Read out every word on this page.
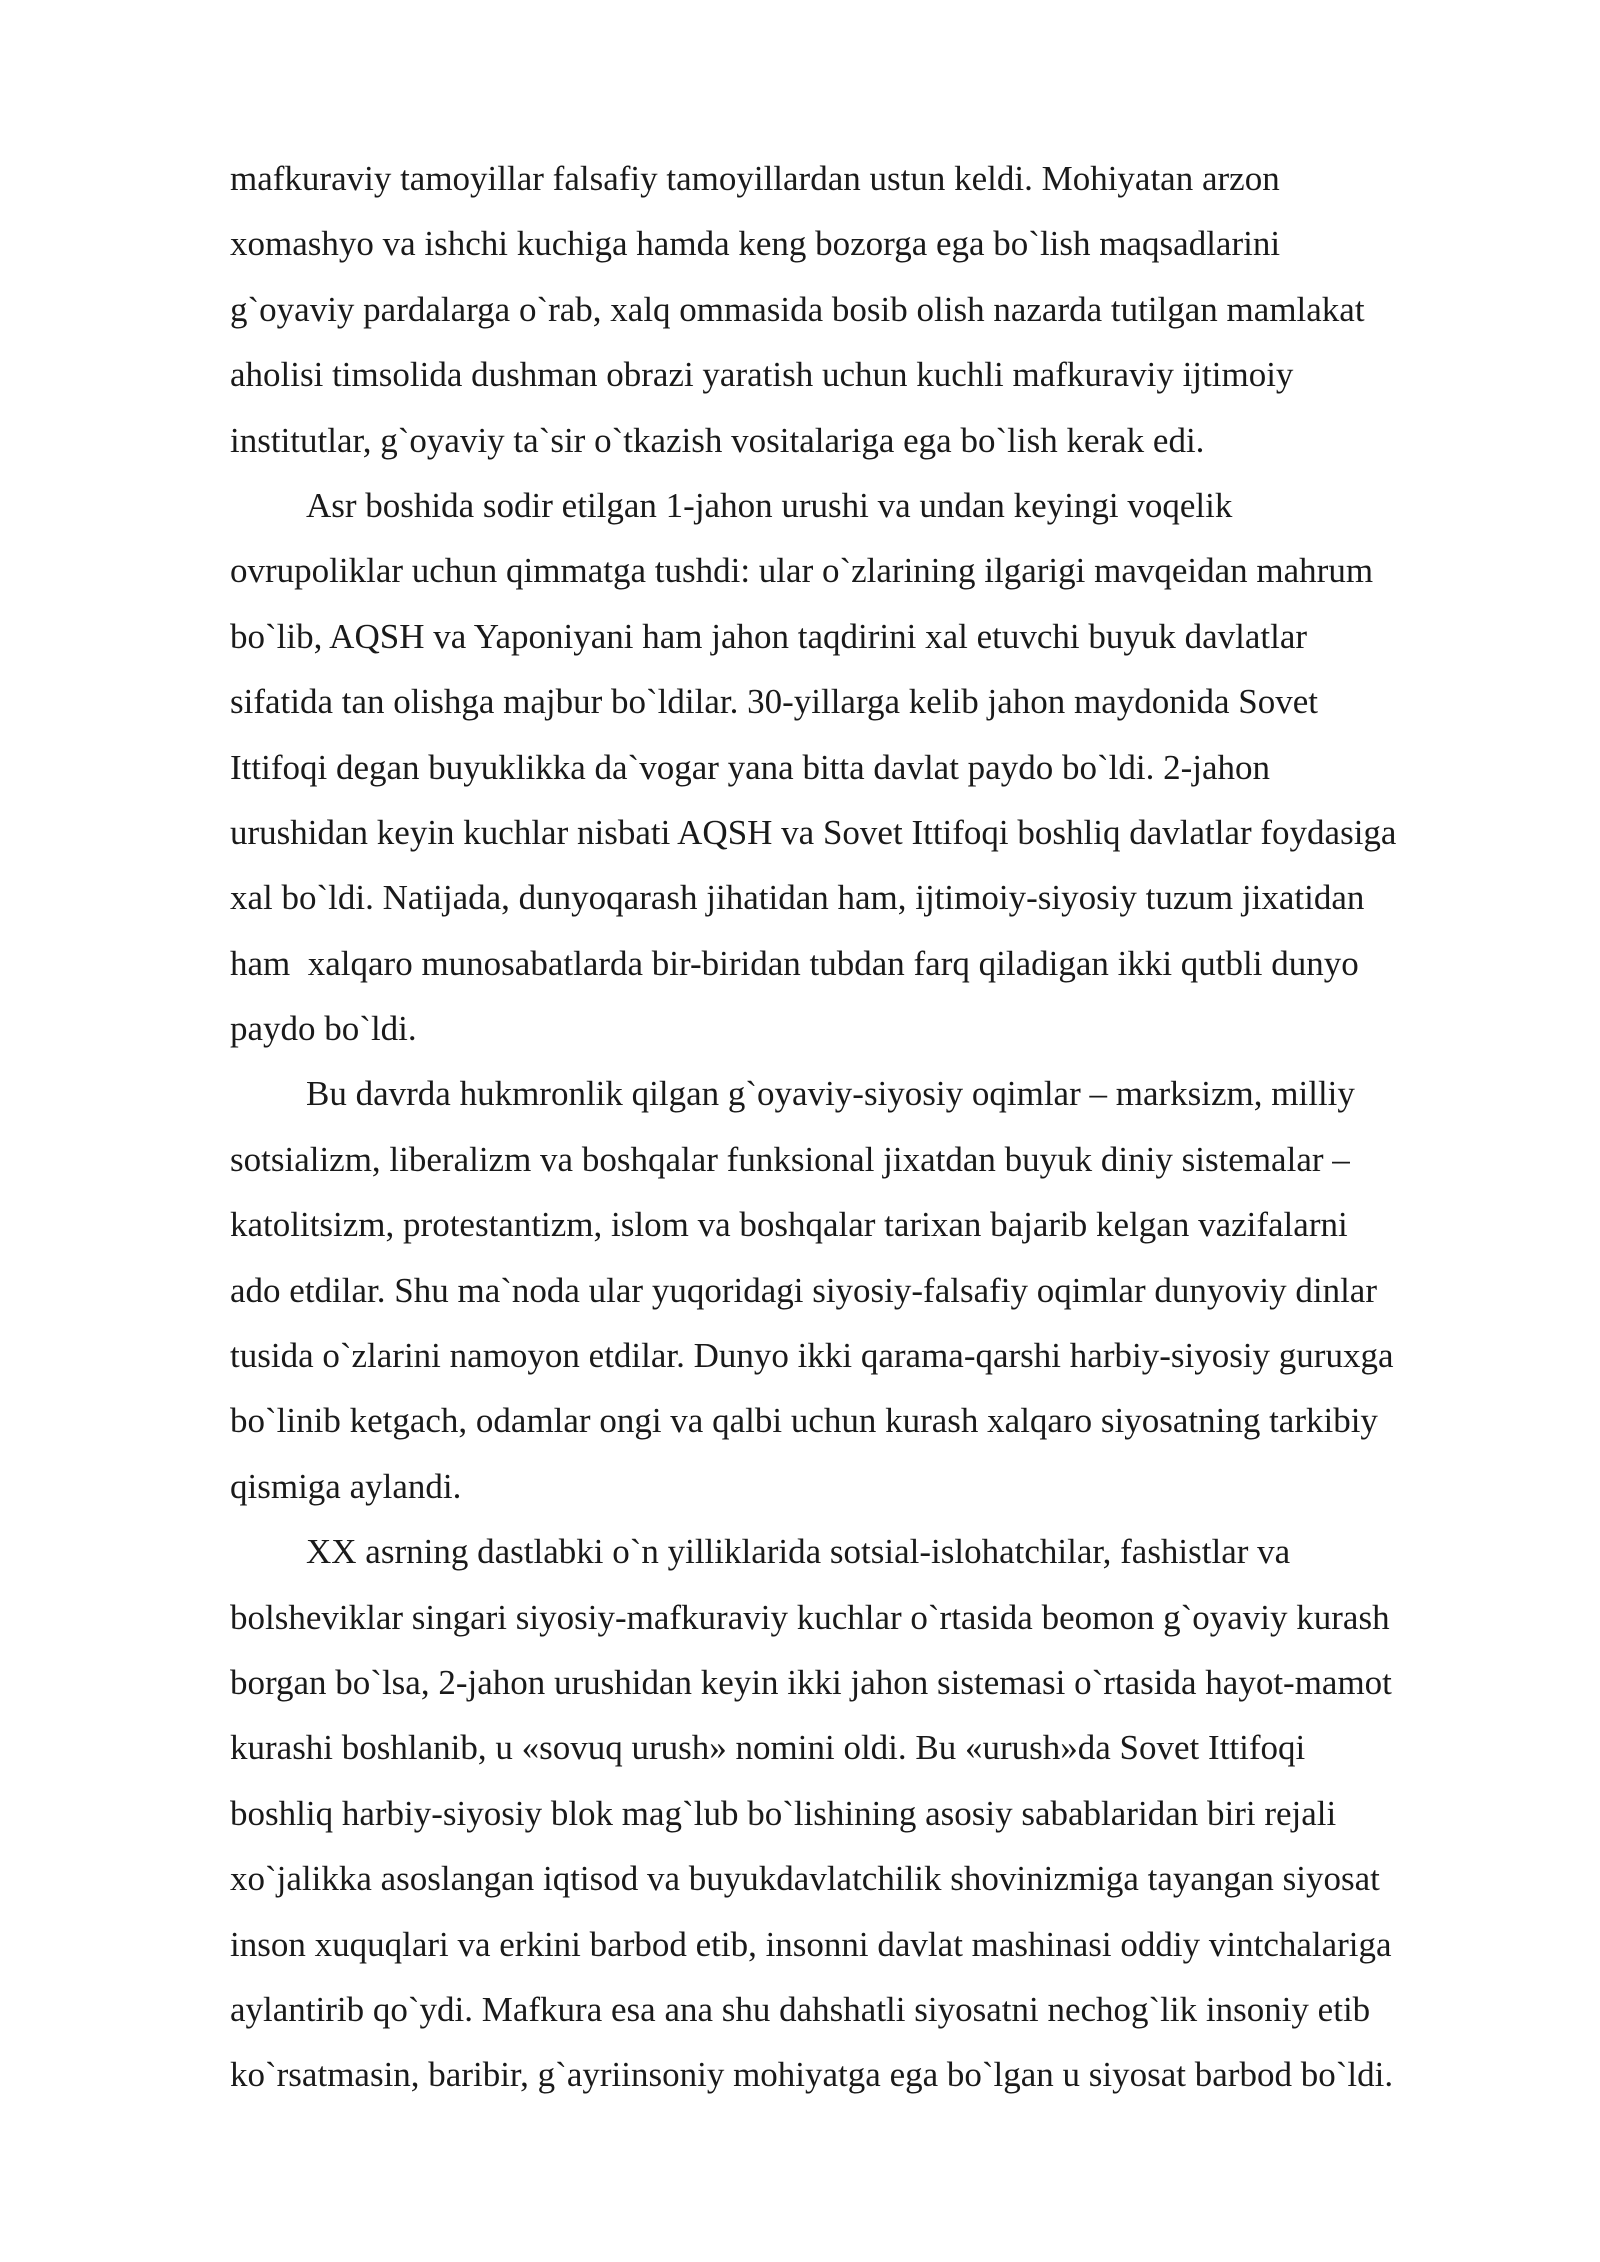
mafkuraviy tamoyillar falsafiy tamoyillardan ustun keldi. Mohiyatan arzon
xomashyo va ishchi kuchiga hamda keng bozorga ega bo`lish maqsadlarini
g`oyaviy pardalarga o`rab, xalq ommasida bosib olish nazarda tutilgan mamlakat
aholisi timsolida dushman obrazi yaratish uchun kuchli mafkuraviy ijtimoiy
institutlar, g`oyaviy ta`sir o`tkazish vositalariga ega bo`lish kerak edi.
Asr boshida sodir etilgan 1-jahon urushi va undan keyingi voqelik
ovrupoliklar uchun qimmatga tushdi: ular o`zlarining ilgarigi mavqeidan mahrum
bo`lib, AQSH va Yaponiyani ham jahon taqdirini xal etuvchi buyuk davlatlar
sifatida tan olishga majbur bo`ldilar. 30-yillarga kelib jahon maydonida Sovet
Ittifoqi degan buyuklikka da`vogar yana bitta davlat paydo bo`ldi. 2-jahon
urushidan keyin kuchlar nisbati AQSH va Sovet Ittifoqi boshliq davlatlar foydasiga
xal bo`ldi. Natijada, dunyoqarash jihatidan ham, ijtimoiy-siyosiy tuzum jixatidan
ham  xalqaro munosabatlarda bir-biridan tubdan farq qiladigan ikki qutbli dunyo
paydo bo`ldi.
Bu davrda hukmronlik qilgan g`oyaviy-siyosiy oqimlar – marksizm, milliy
sotsializm, liberalizm va boshqalar funksional jixatdan buyuk diniy sistemalar –
katolitsizm, protestantizm, islom va boshqalar tarixan bajarib kelgan vazifalarni
ado etdilar. Shu ma`noda ular yuqoridagi siyosiy-falsafiy oqimlar dunyoviy dinlar
tusida o`zlarini namoyon etdilar. Dunyo ikki qarama-qarshi harbiy-siyosiy guruxga
bo`linib ketgach, odamlar ongi va qalbi uchun kurash xalqaro siyosatning tarkibiy
qismiga aylandi.
XX asrning dastlabki o`n yilliklarida sotsial-islohatchilar, fashistlar va
bolsheviklar singari siyosiy-mafkuraviy kuchlar o`rtasida beomon g`oyaviy kurash
borgan bo`lsa, 2-jahon urushidan keyin ikki jahon sistemasi o`rtasida hayot-mamot
kurashi boshlanib, u «sovuq urush» nomini oldi. Bu «urush»da Sovet Ittifoqi
boshliq harbiy-siyosiy blok mag`lub bo`lishining asosiy sabablaridan biri rejali
xo`jalikka asoslangan iqtisod va buyukdavlatchilik shovinizmiga tayangan siyosat
inson xuquqlari va erkini barbod etib, insonni davlat mashinasi oddiy vintchalariga
aylantirib qo`ydi. Mafkura esa ana shu dahshatli siyosatni nechog`lik insoniy etib
ko`rsatmasin, baribir, g`ayriinsoniy mohiyatga ega bo`lgan u siyosat barbod bo`ldi.
